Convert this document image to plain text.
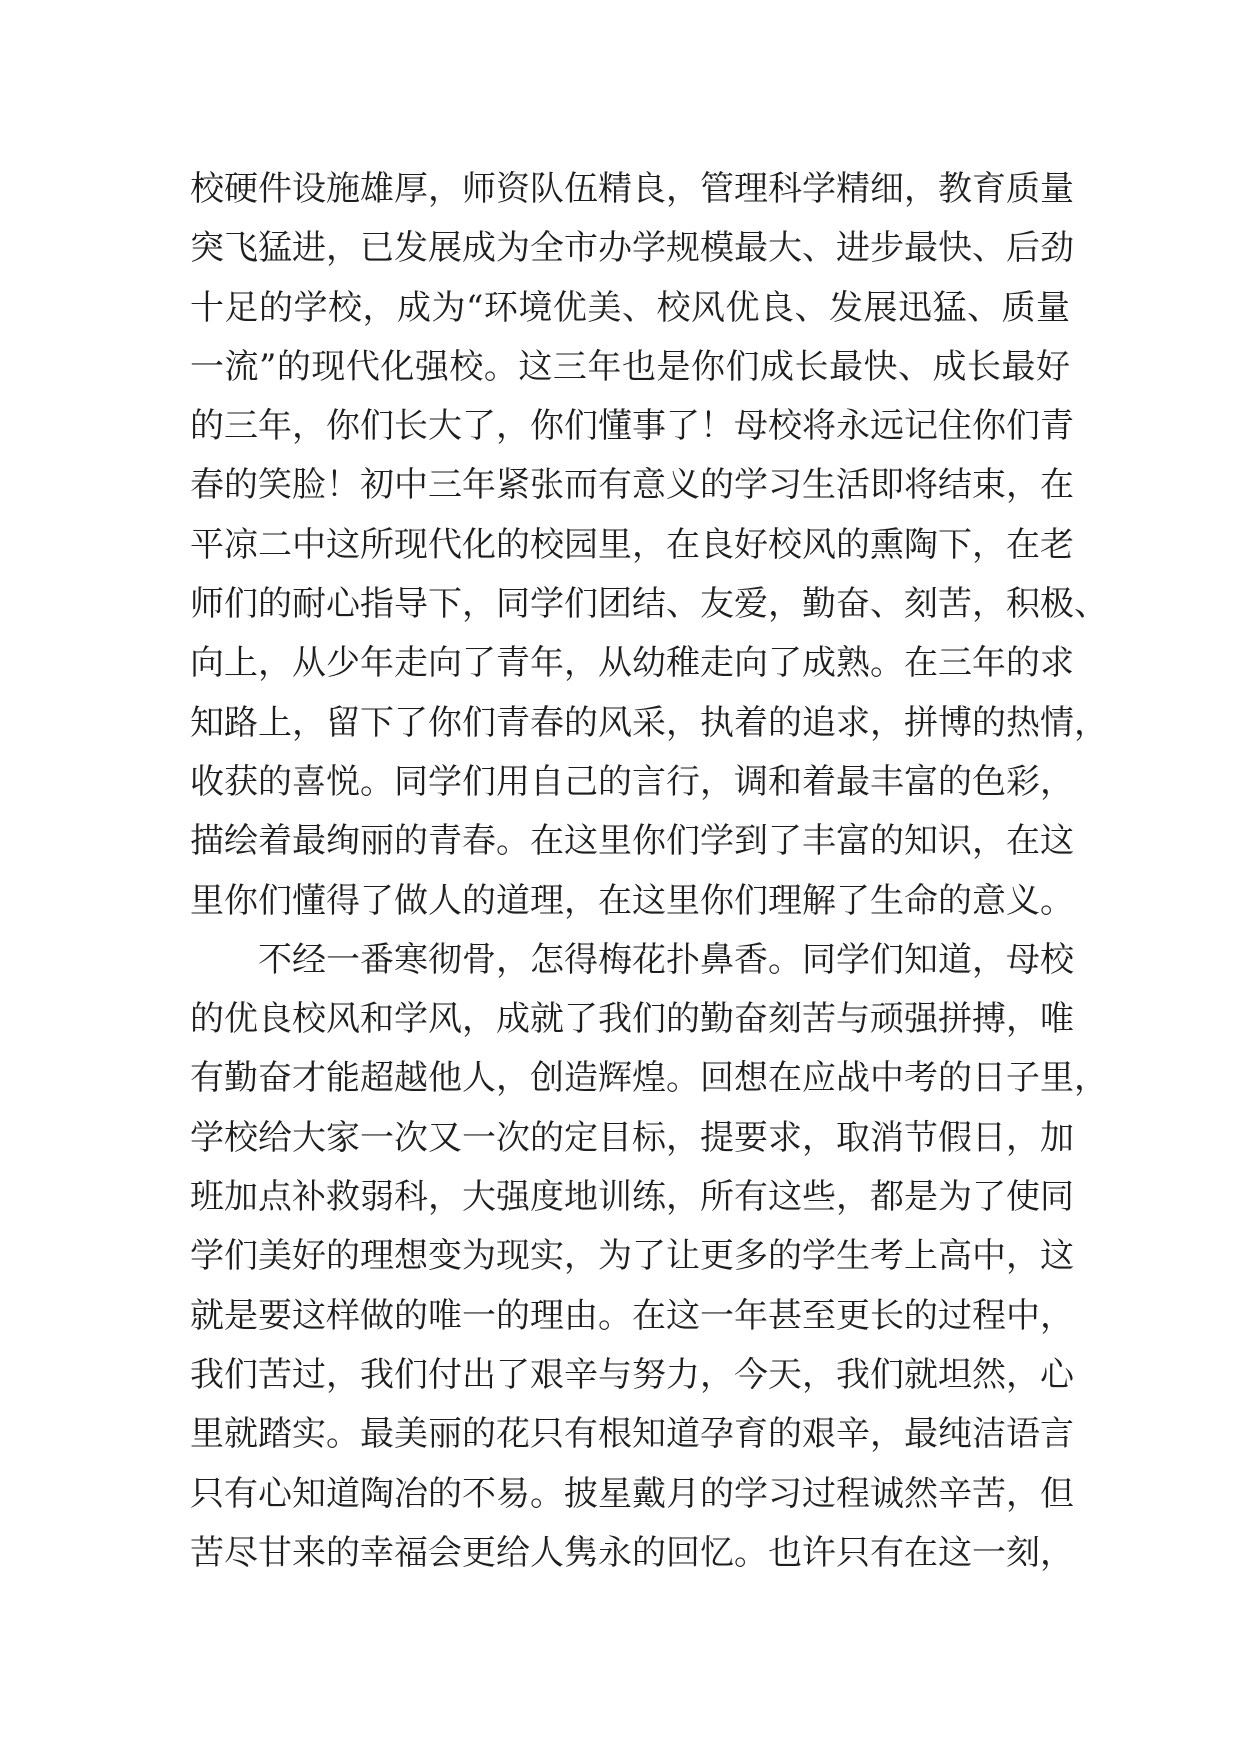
校硬件设施雄厚，师资队伍精良，管理科学精细，教育质量
突飞猛进，已发展成为全市办学规模最大、进步最快、后劲
十足的学校，成为“环境优美、校风优良、发展迅猛、质量
一流”的现代化强校。这三年也是你们成长最快、成长最好
的三年，你们长大了，你们懂事了！母校将永远记住你们青
春的笑脸！初中三年紧张而有意义的学习生活即将结束，在
平凉二中这所现代化的校园里，在良好校风的熏陶下，在老
师们的耐心指导下，同学们团结、友爱，勤奋、刻苦，积极、
向上，从少年走向了青年，从幼稚走向了成熟。在三年的求
知路上，留下了你们青春的风采，执着的追求，拼博的热情，
收获的喜悦。同学们用自己的言行，调和着最丰富的色彩，
描绘着最绚丽的青春。在这里你们学到了丰富的知识，在这
里你们懂得了做人的道理，在这里你们理解了生命的意义。
不经一番寒彻骨，怎得梅花扑鼻香。同学们知道，母校
的优良校风和学风，成就了我们的勤奋刻苦与顽强拼搏，唯
有勤奋才能超越他人，创造辉煌。回想在应战中考的日子里，
学校给大家一次又一次的定目标，提要求，取消节假日，加
班加点补救弱科，大强度地训练，所有这些，都是为了使同
学们美好的理想变为现实，为了让更多的学生考上高中，这
就是要这样做的唯一的理由。在这一年甚至更长的过程中，
我们苦过，我们付出了艰辛与努力，今天，我们就坦然，心
里就踏实。最美丽的花只有根知道孕育的艰辛，最纯洁语言
只有心知道陶冶的不易。披星戴月的学习过程诚然辛苦，但
苦尽甘来的幸福会更给人隽永的回忆。也许只有在这一刻，
